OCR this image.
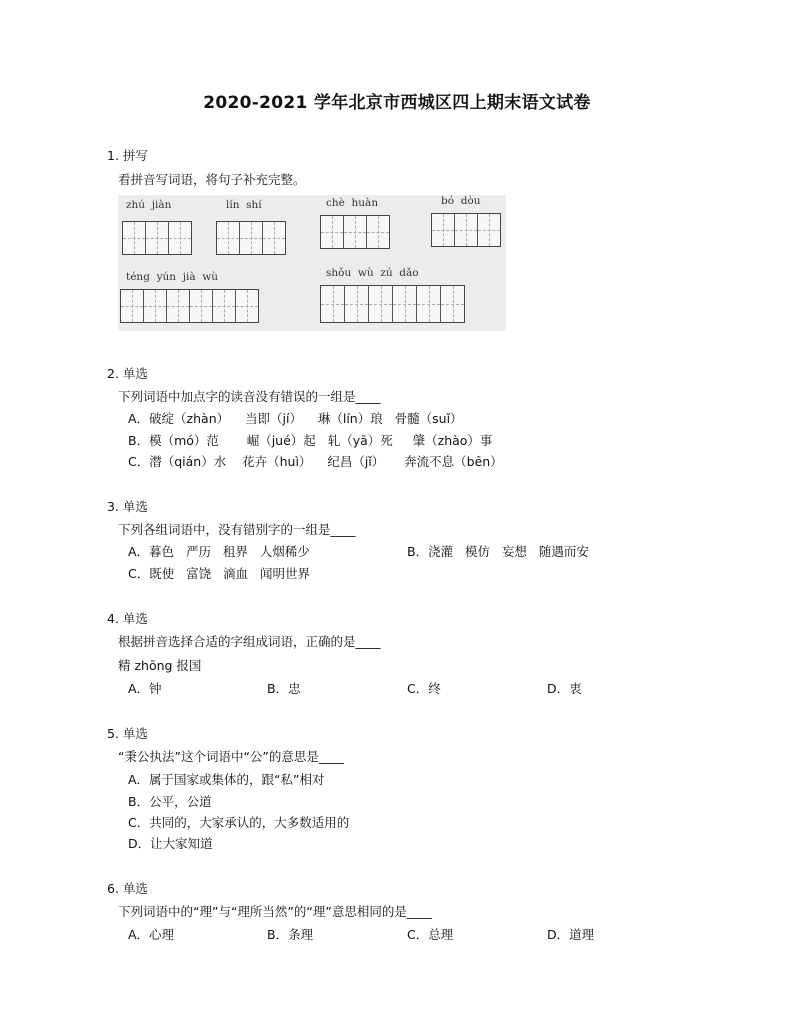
2020-2021 学年北京市西城区四上期末语文试卷
1. 拼写
看拼音写词语，将句子补充完整。
zhú  jiàn	lín  shí	chè  huàn	bó  dòu
téng  yún  jià  wù	shǒu  wù  zú  dǎo
2. 单选
下列词语中加点字的读音没有错误的一组是____
A．破绽（zhàn）    当即（jí）    琳（lín）琅   骨髓（suǐ）
B．模（mó）范       崛（jué）起   轧（yā）死     肇（zhào）事
C．潜（qián）水    花卉（huì）    纪昌（jǐ）     奔流不息（bēn）
3. 单选
下列各组词语中，没有错别字的一组是____
A．暮色   严历   租界   人烟稀少	B．浇灌   模仿   妄想   随遇而安
C．既使   富饶   滴血   闻明世界
4. 单选
根据拼音选择合适的字组成词语，正确的是____
精 zhōng 报国
A．钟	B．忠	C．终	D．衷
5. 单选
“秉公执法”这个词语中“公”的意思是____
A．属于国家或集体的，跟“私”相对
B．公平，公道
C．共同的，大家承认的，大多数适用的
D．让大家知道
6. 单选
下列词语中的“理”与“理所当然”的“理”意思相同的是____
A．心理	B．条理	C．总理	D．道理
